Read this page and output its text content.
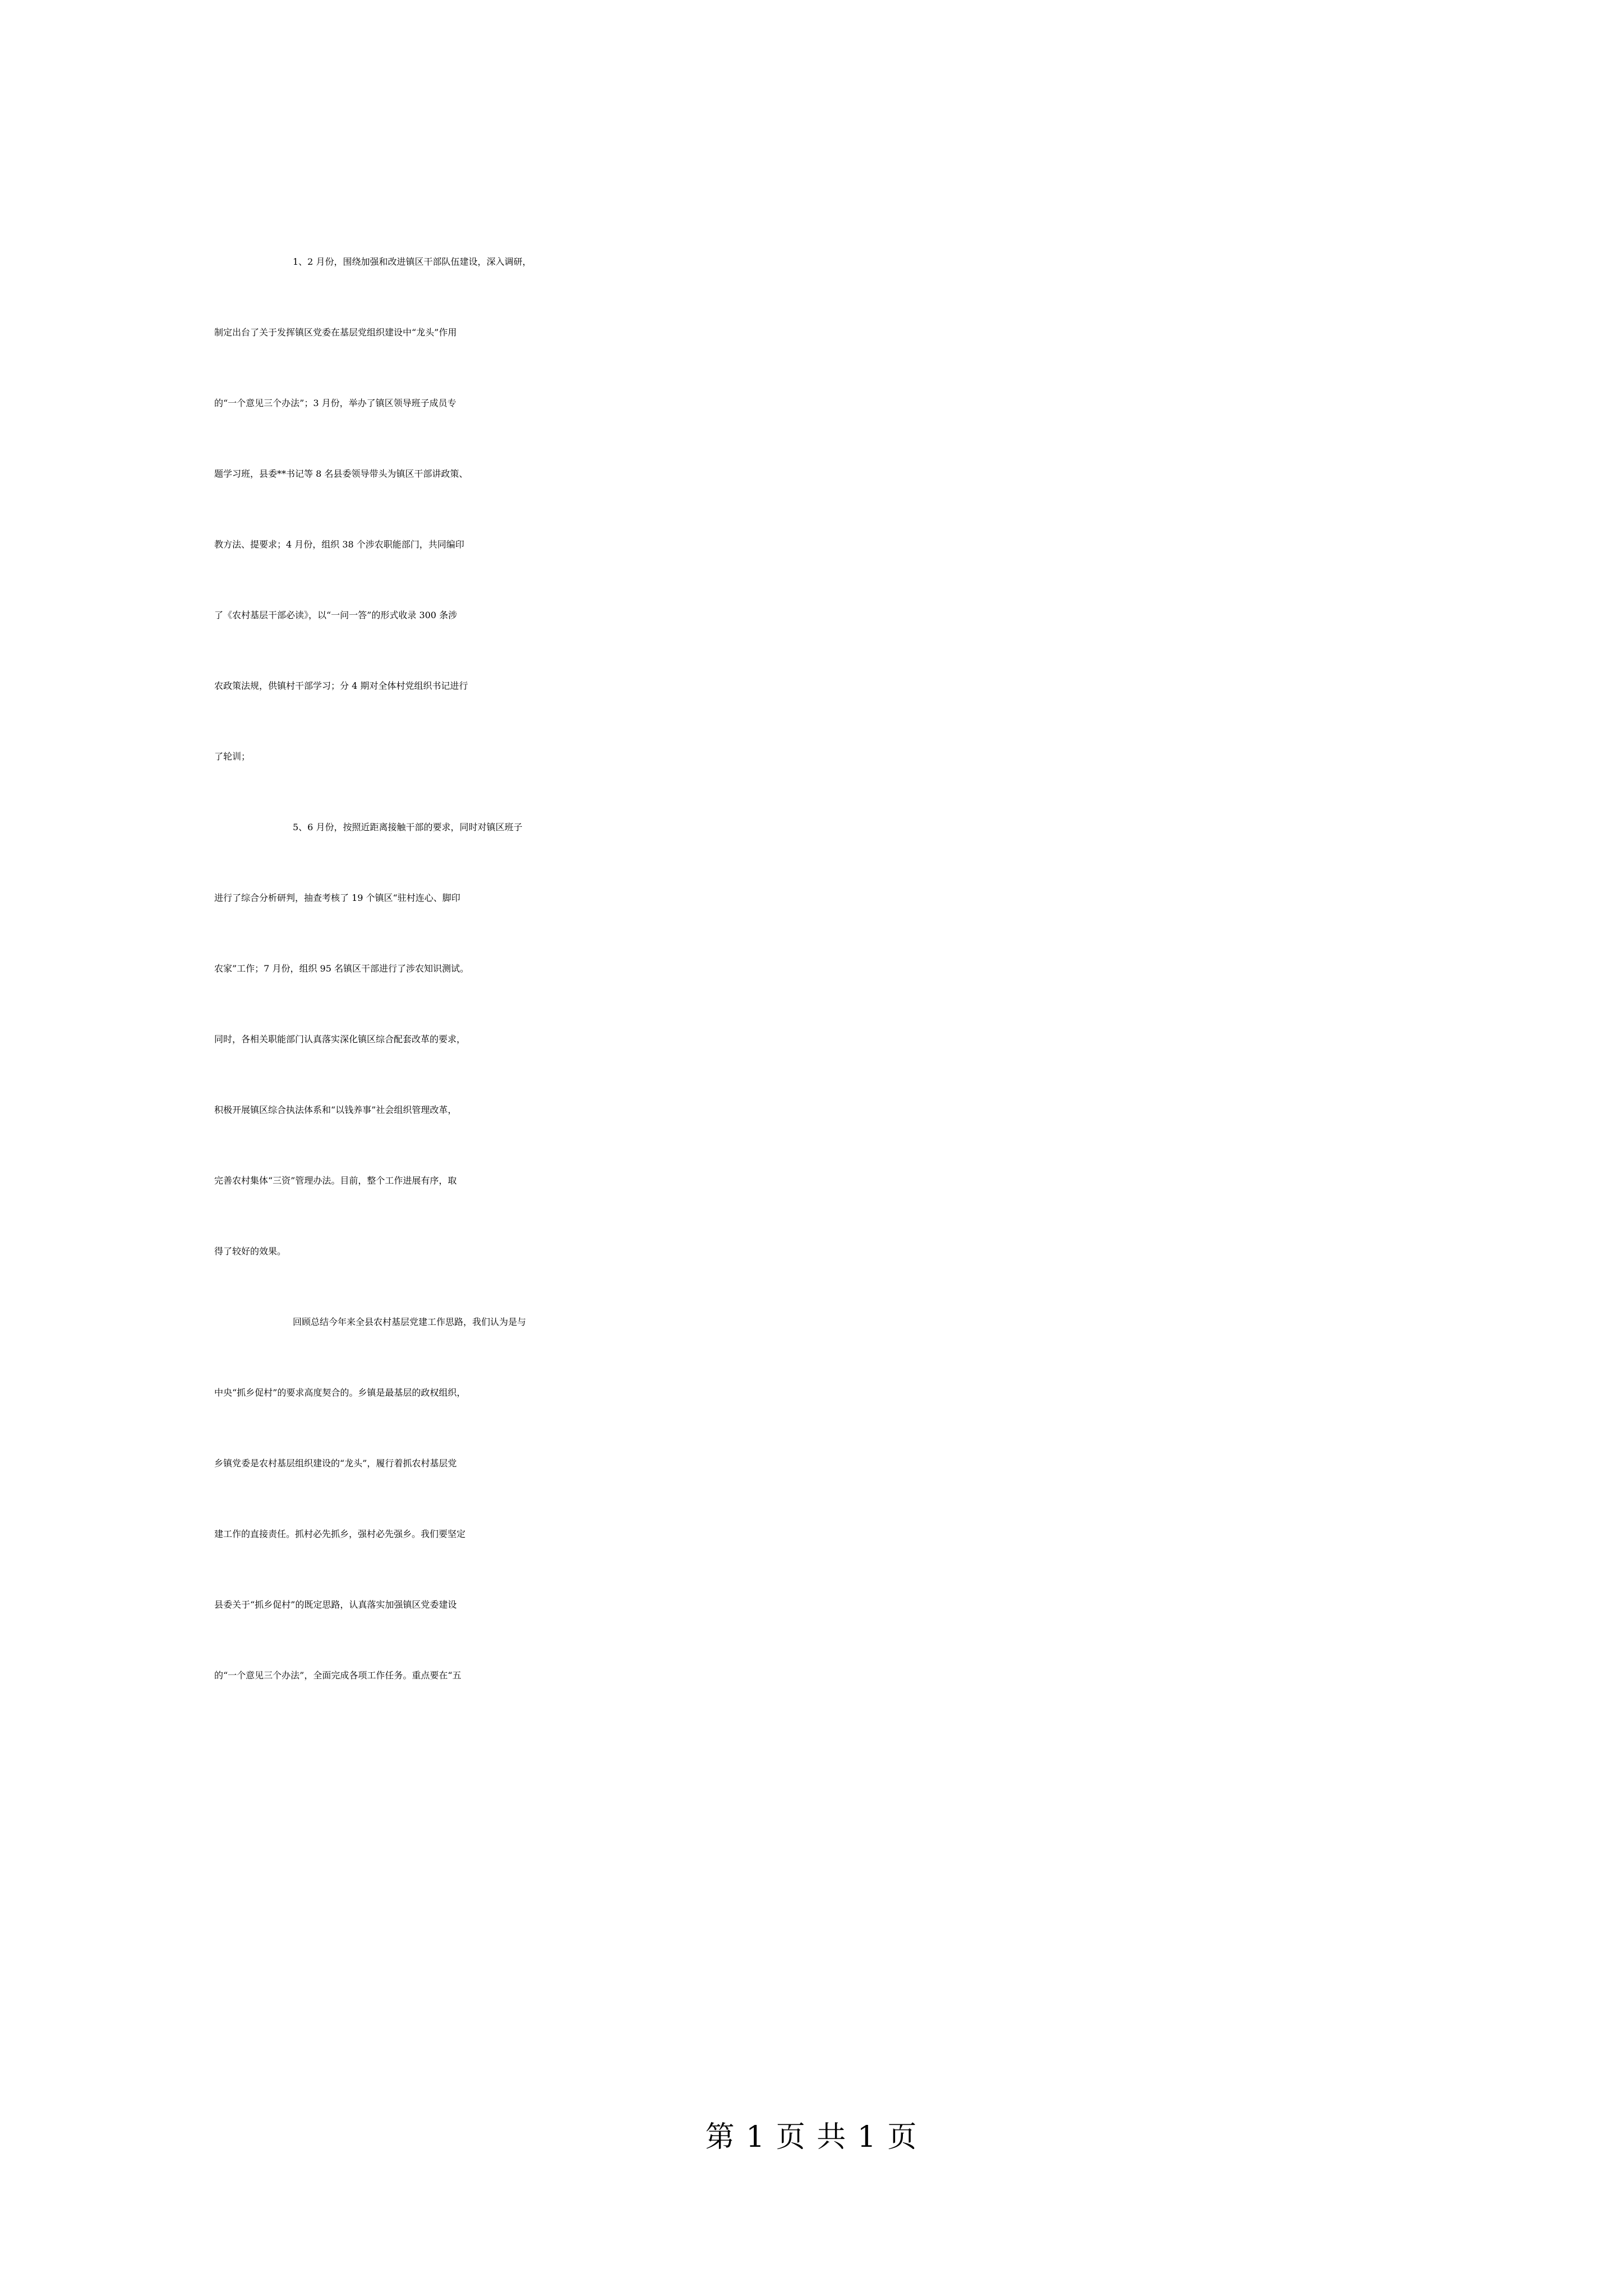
1、2 月份，围绕加强和改进镇区干部队伍建设，深入调研，
制定出台了关于发挥镇区党委在基层党组织建设中“龙头”作用
的“一个意见三个办法”；3 月份，举办了镇区领导班子成员专
题学习班，县委**书记等 8 名县委领导带头为镇区干部讲政策、
教方法、提要求；4 月份，组织 38 个涉农职能部门，共同编印
了《农村基层干部必读》，以“一问一答”的形式收录 300 条涉
农政策法规，供镇村干部学习；分 4 期对全体村党组织书记进行
了轮训；
5、6 月份，按照近距离接触干部的要求，同时对镇区班子
进行了综合分析研判，抽查考核了 19 个镇区“驻村连心、脚印
农家”工作；7 月份，组织 95 名镇区干部进行了涉农知识测试。
同时，各相关职能部门认真落实深化镇区综合配套改革的要求，
积极开展镇区综合执法体系和“以钱养事”社会组织管理改革，
完善农村集体“三资”管理办法。目前，整个工作进展有序，取
得了较好的效果。
回顾总结今年来全县农村基层党建工作思路，我们认为是与
中央“抓乡促村”的要求高度契合的。乡镇是最基层的政权组织，
乡镇党委是农村基层组织建设的“龙头”，履行着抓农村基层党
建工作的直接责任。抓村必先抓乡，强村必先强乡。我们要坚定
县委关于“抓乡促村”的既定思路，认真落实加强镇区党委建设
的“一个意见三个办法”，全面完成各项工作任务。重点要在“五
第 1 页 共 1 页
